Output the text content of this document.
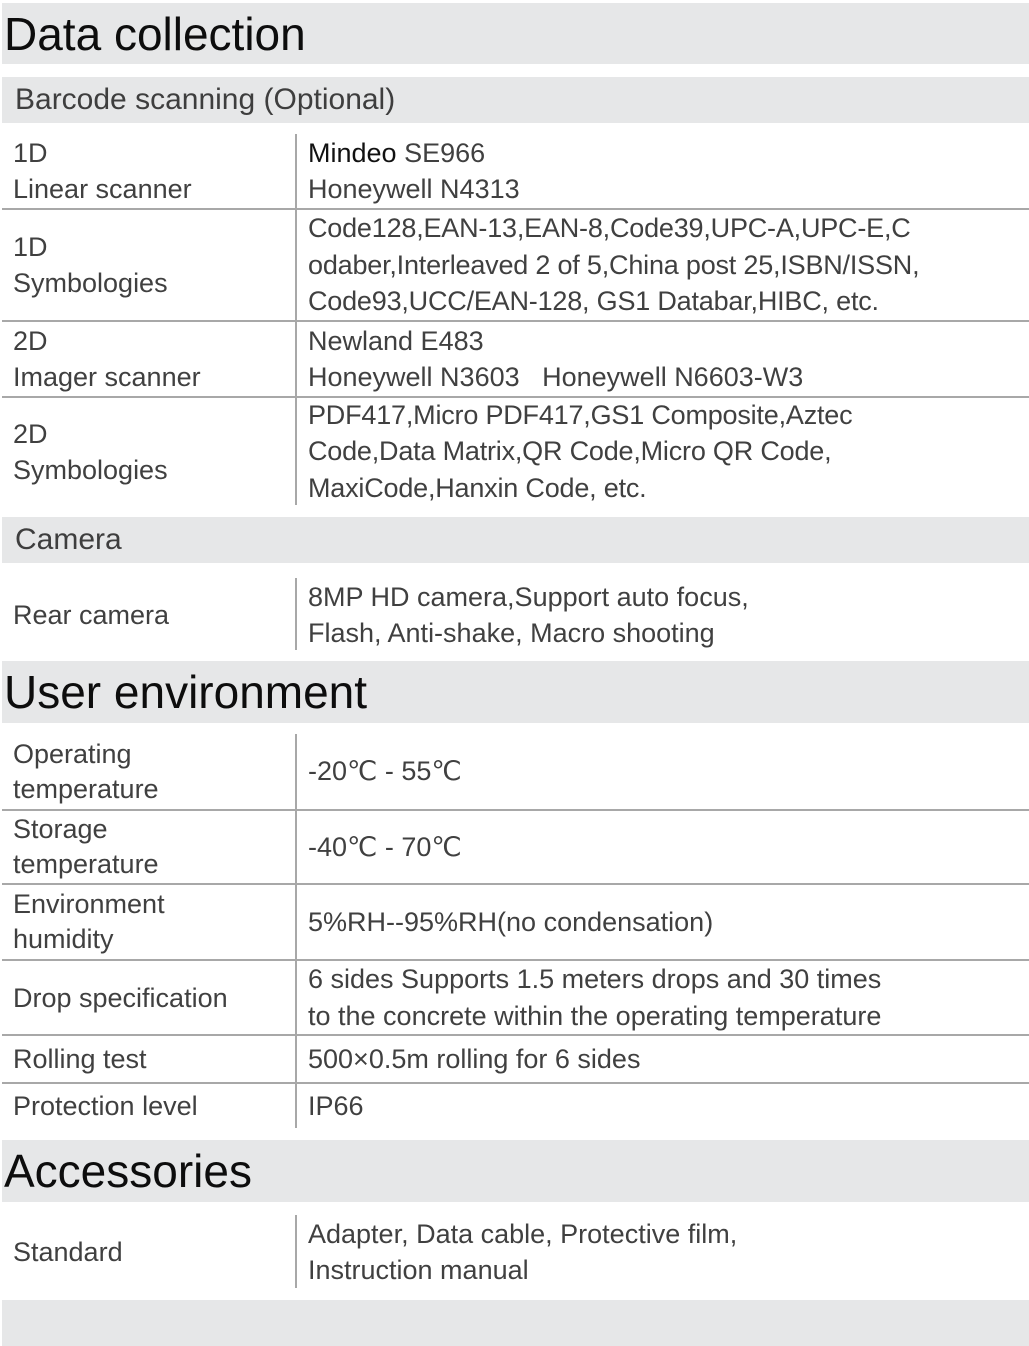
Data collection
Barcode scanning (Optional)
1D
Linear scanner
Mindeo SE966
Honeywell N4313
1D
Symbologies
Code128,EAN-13,EAN-8,Code39,UPC-A,UPC-E,C
odaber,Interleaved 2 of 5,China post 25,ISBN/ISSN,
Code93,UCC/EAN-128, GS1 Databar,HIBC, etc.
2D
Imager scanner
Newland E483
Honeywell N3603   Honeywell N6603-W3
2D
Symbologies
PDF417,Micro PDF417,GS1 Composite,Aztec
Code,Data Matrix,QR Code,Micro QR Code,
MaxiCode,Hanxin Code, etc.
Camera
Rear camera
8MP HD camera,Support auto focus,
Flash, Anti-shake, Macro shooting
User environment
Operating
temperature
-20℃ - 55℃
Storage
temperature
-40℃ - 70℃
Environment
humidity
5%RH--95%RH(no condensation)
Drop specification
6 sides Supports 1.5 meters drops and 30 times
to the concrete within the operating temperature
Rolling test	500×0.5m rolling for 6 sides
Protection level	IP66
Accessories
Standard
Adapter, Data cable, Protective film,
Instruction manual
